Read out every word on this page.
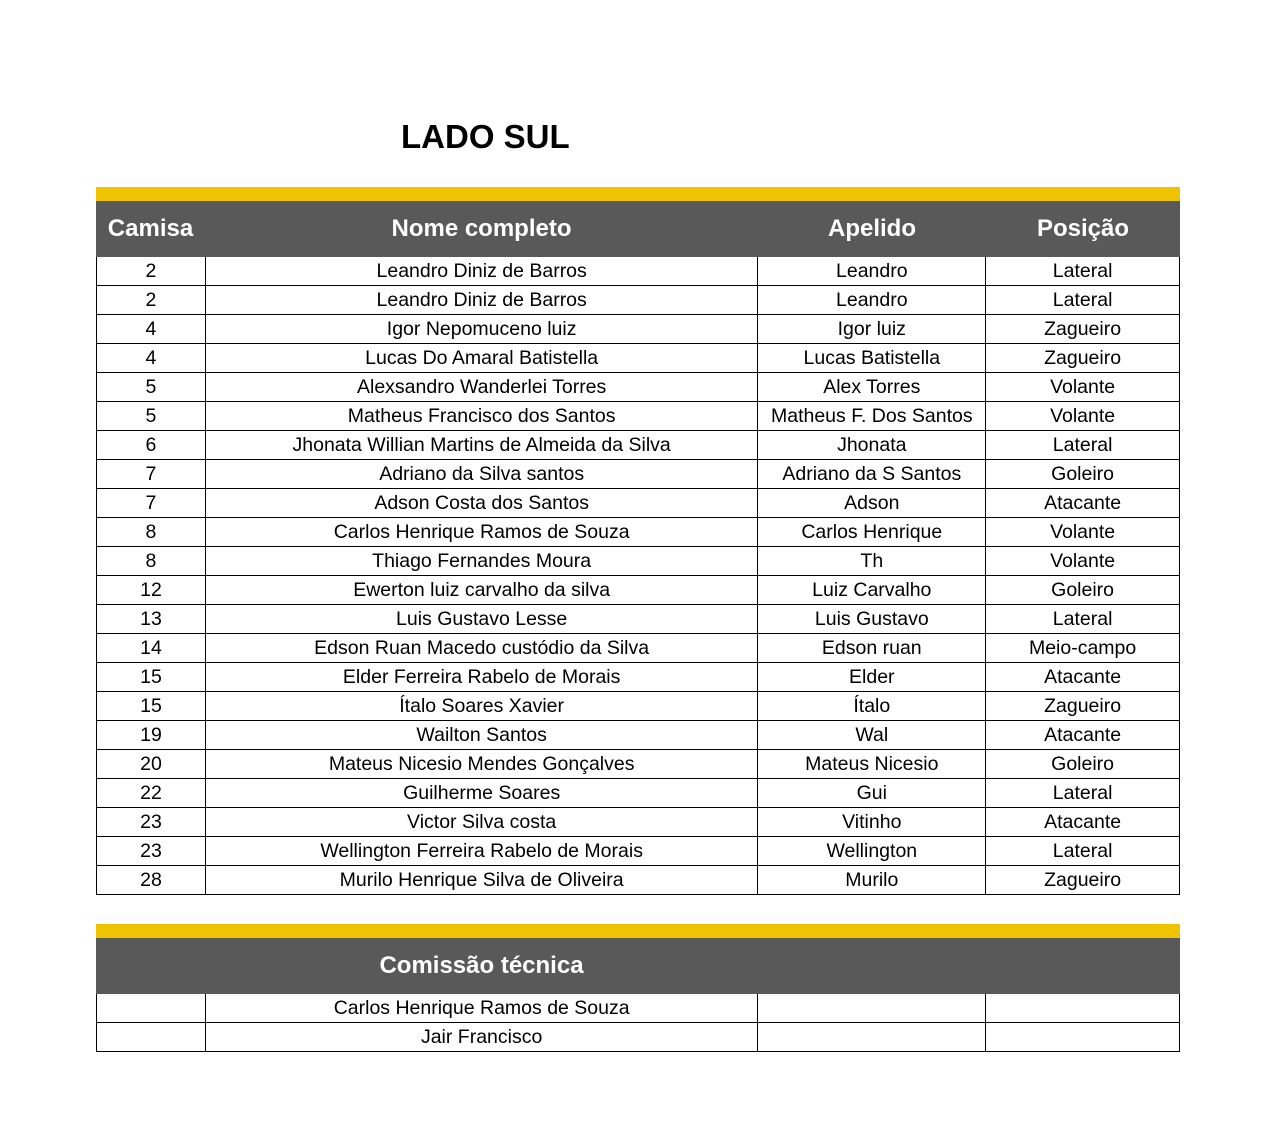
LADO SUL
Camisa	Nome completo	Apelido	Posição
2	Leandro Diniz de Barros	Leandro	Lateral
2	Leandro Diniz de Barros	Leandro	Lateral
4	Igor Nepomuceno luiz	Igor luiz	Zagueiro
4	Lucas Do Amaral Batistella	Lucas Batistella	Zagueiro
5	Alexsandro Wanderlei Torres	Alex Torres	Volante
5	Matheus Francisco dos Santos	Matheus F. Dos Santos	Volante
6	Jhonata Willian Martins de Almeida da Silva	Jhonata	Lateral
7	Adriano da Silva santos	Adriano da S Santos	Goleiro
7	Adson Costa dos Santos	Adson	Atacante
8	Carlos Henrique Ramos de Souza	Carlos Henrique	Volante
8	Thiago Fernandes Moura	Th	Volante
12	Ewerton luiz carvalho da silva	Luiz Carvalho	Goleiro
13	Luis Gustavo Lesse	Luis Gustavo	Lateral
14	Edson Ruan Macedo custódio da Silva	Edson ruan	Meio-campo
15	Elder Ferreira Rabelo de Morais	Elder	Atacante
15	Ítalo Soares Xavier	Ítalo	Zagueiro
19	Wailton Santos	Wal	Atacante
20	Mateus Nicesio Mendes Gonçalves	Mateus Nicesio	Goleiro
22	Guilherme Soares	Gui	Lateral
23	Victor Silva costa	Vitinho	Atacante
23	Wellington Ferreira Rabelo de Morais	Wellington	Lateral
28	Murilo Henrique Silva de Oliveira	Murilo	Zagueiro
Comissão técnica
Carlos Henrique Ramos de Souza
Jair Francisco
